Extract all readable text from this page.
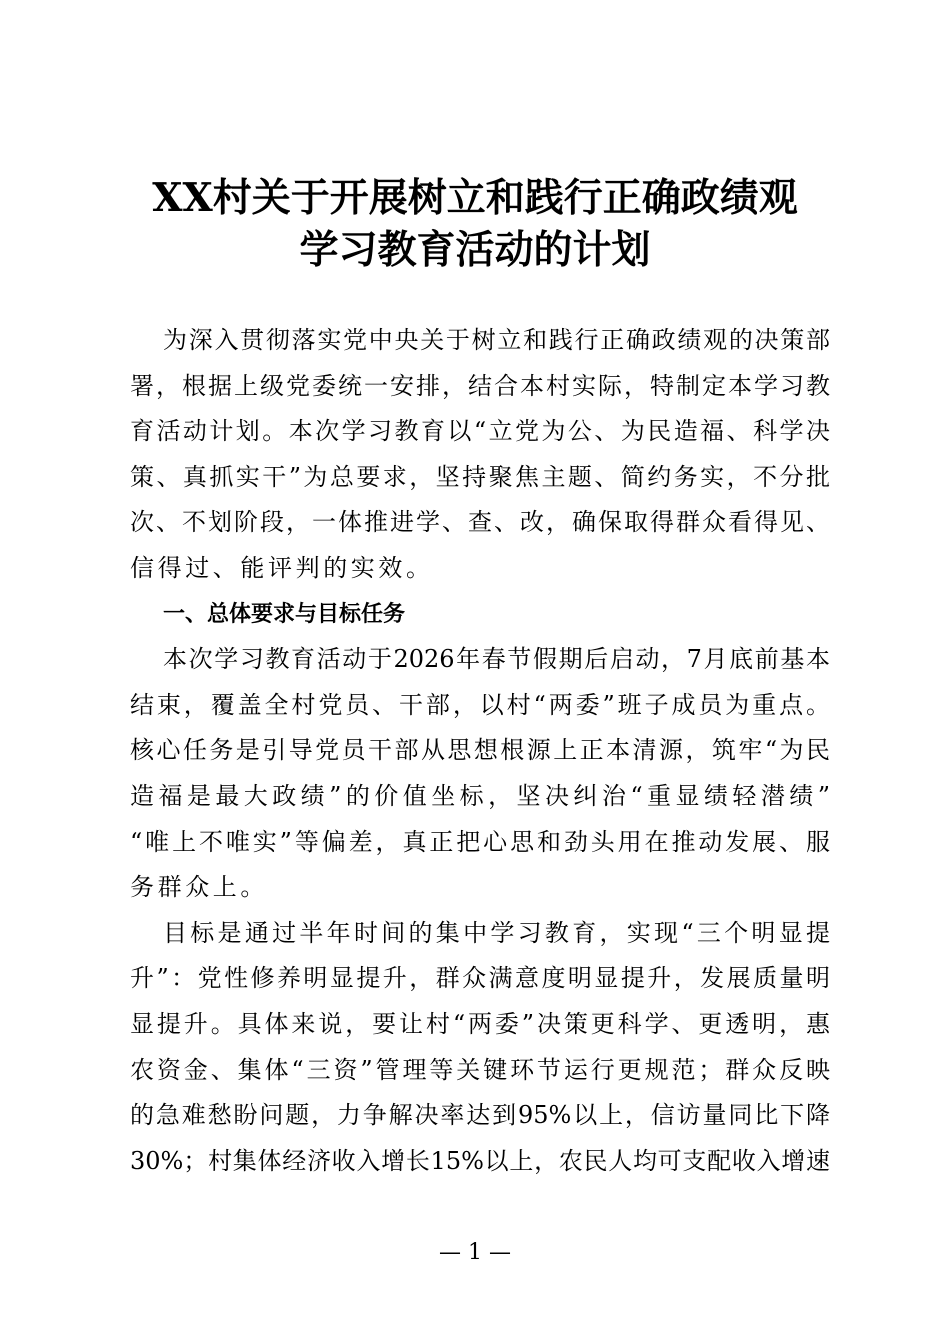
XX村关于开展树立和践行正确政绩观
学习教育活动的计划
为深入贯彻落实党中央关于树立和践行正确政绩观的决策部
署，根据上级党委统一安排，结合本村实际，特制定本学习教
育活动计划。本次学习教育以“立党为公、为民造福、科学决
策、真抓实干”为总要求，坚持聚焦主题、简约务实，不分批
次、不划阶段，一体推进学、查、改，确保取得群众看得见、
信得过、能评判的实效。
一、总体要求与目标任务
本次学习教育活动于2026年春节假期后启动，7月底前基本
结束，覆盖全村党员、干部，以村“两委”班子成员为重点。
核心任务是引导党员干部从思想根源上正本清源，筑牢“为民
造福是最大政绩”的价值坐标，坚决纠治“重显绩轻潜绩”
“唯上不唯实”等偏差，真正把心思和劲头用在推动发展、服
务群众上。
目标是通过半年时间的集中学习教育，实现“三个明显提
升”：党性修养明显提升，群众满意度明显提升，发展质量明
显提升。具体来说，要让村“两委”决策更科学、更透明，惠
农资金、集体“三资”管理等关键环节运行更规范；群众反映
的急难愁盼问题，力争解决率达到95%以上，信访量同比下降
30%；村集体经济收入增长15%以上，农民人均可支配收入增速
— 1 —
